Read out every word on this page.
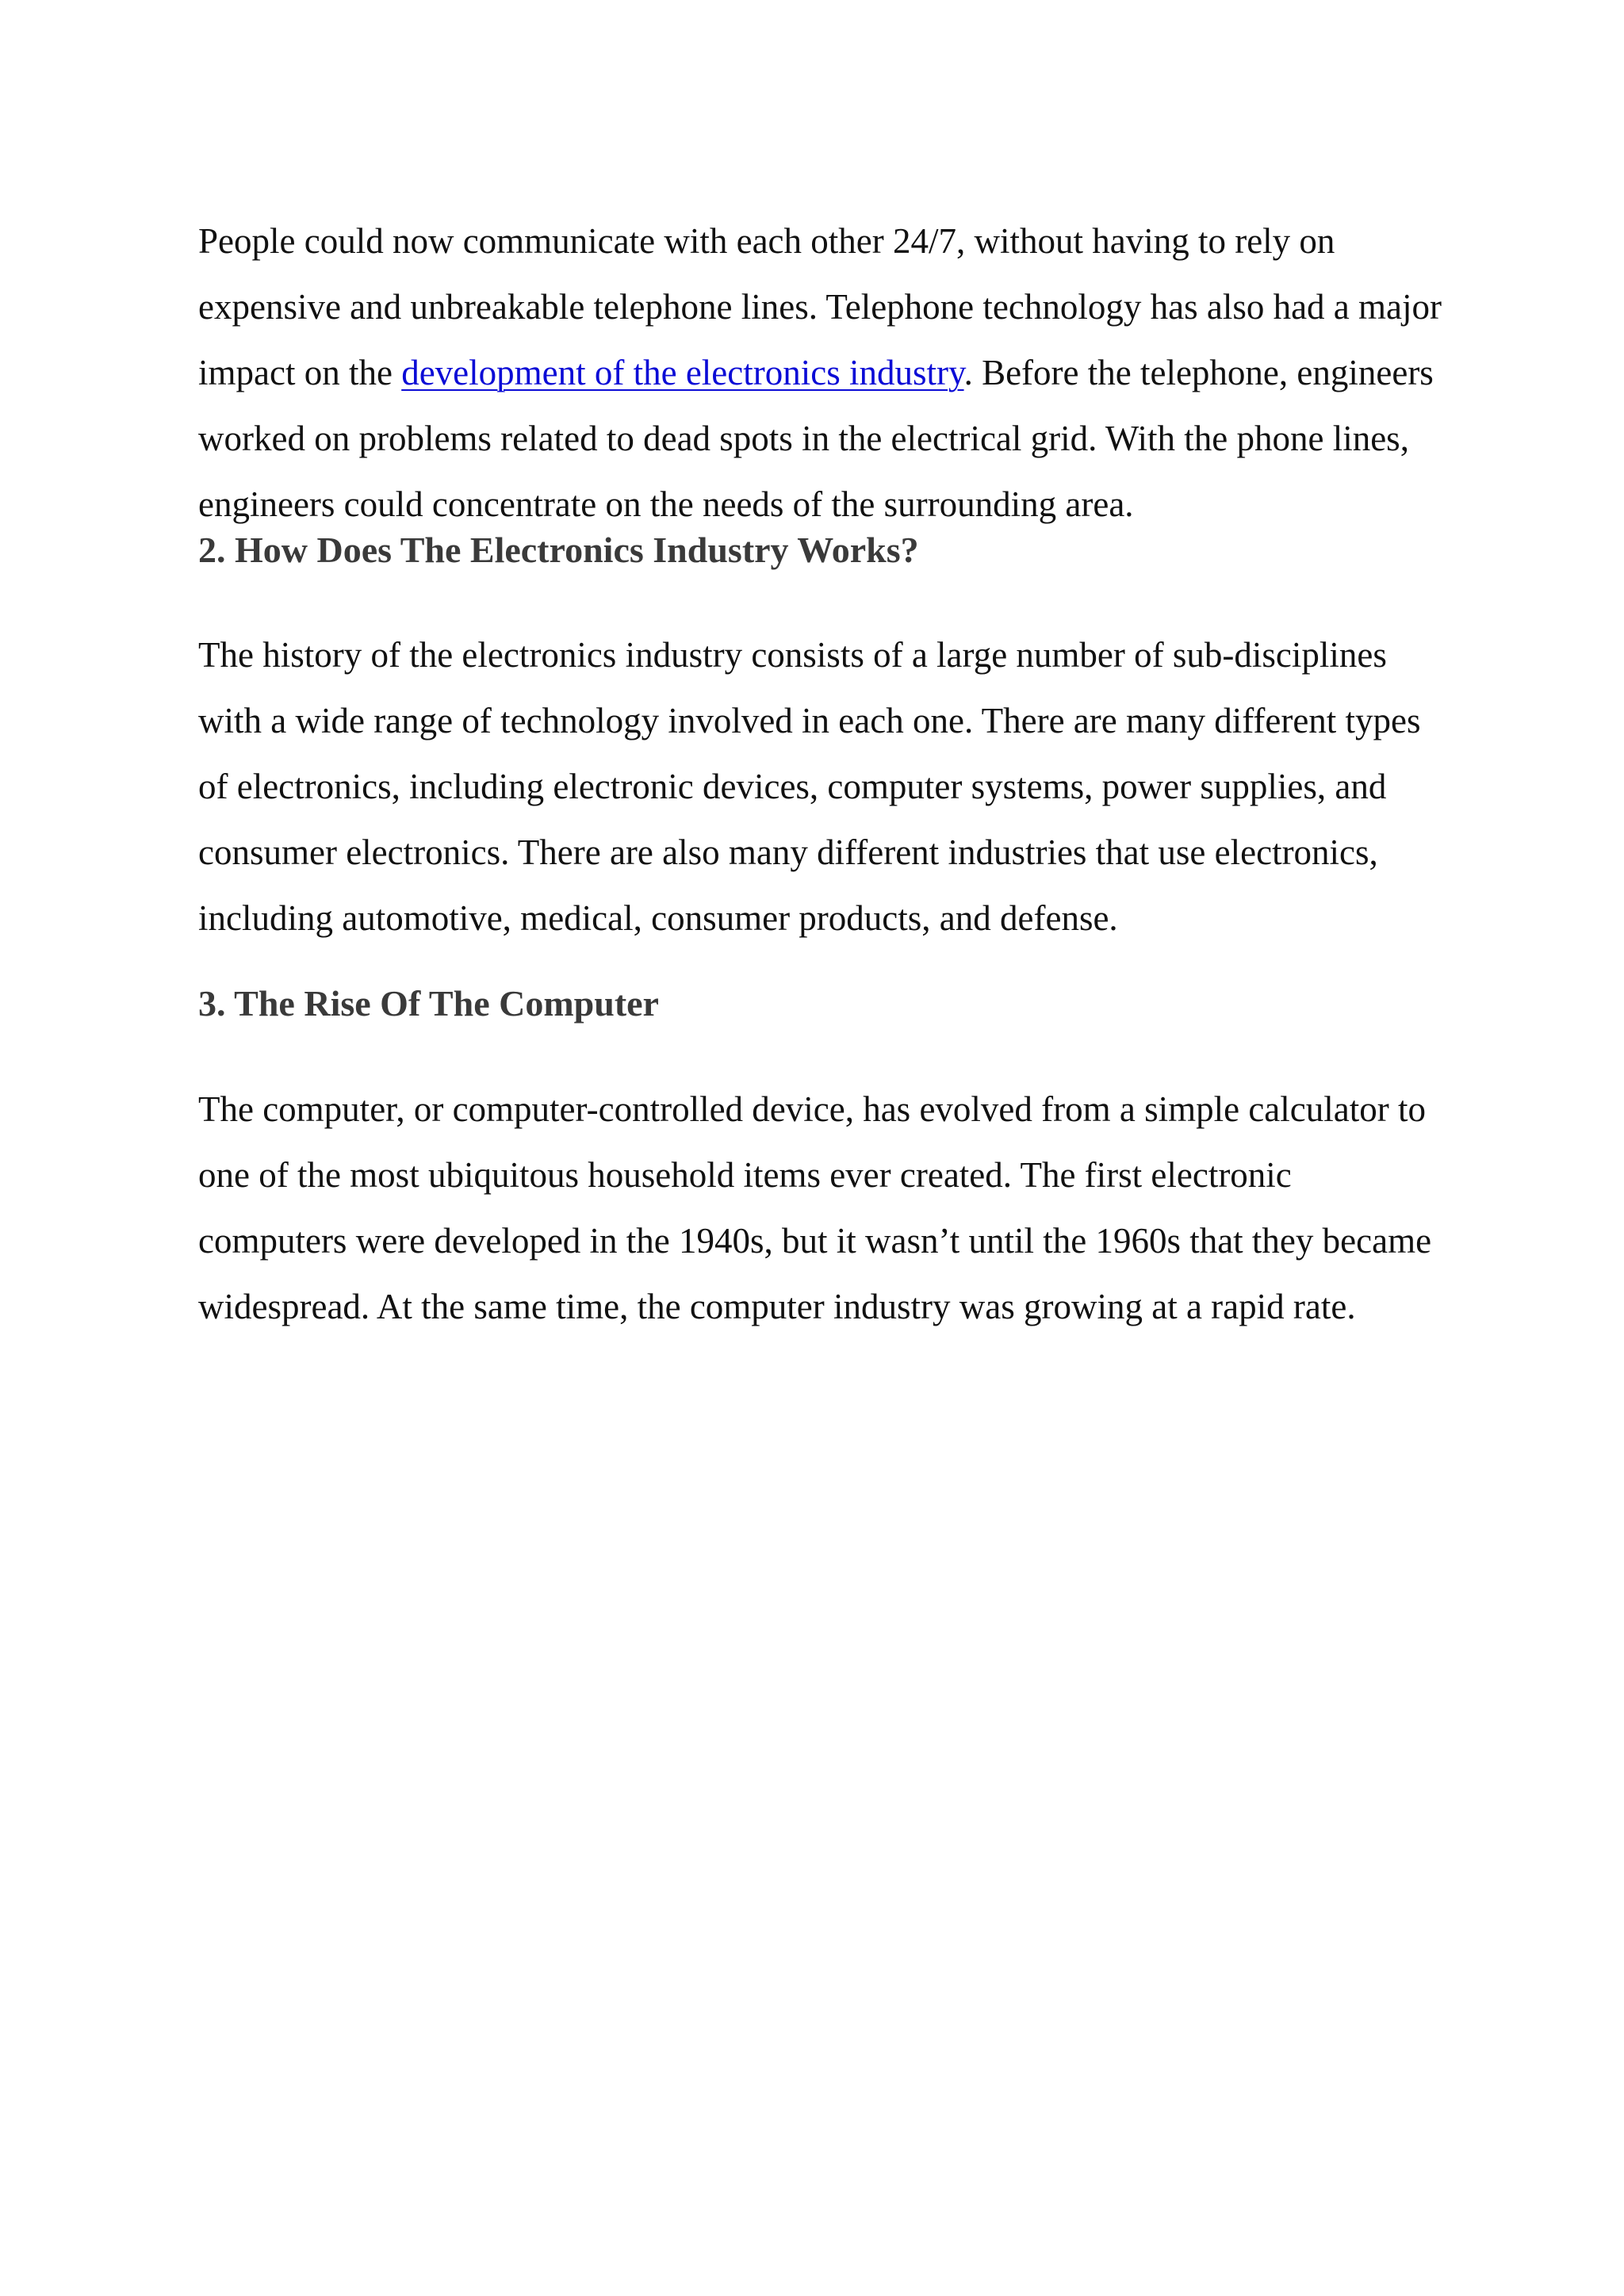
People could now communicate with each other 24/7, without having to rely on expensive and unbreakable telephone lines. Telephone technology has also had a major impact on the development of the electronics industry. Before the telephone, engineers worked on problems related to dead spots in the electrical grid. With the phone lines, engineers could concentrate on the needs of the surrounding area.

2. How Does The Electronics Industry Works?

The history of the electronics industry consists of a large number of sub-disciplines with a wide range of technology involved in each one. There are many different types of electronics, including electronic devices, computer systems, power supplies, and consumer electronics. There are also many different industries that use electronics, including automotive, medical, consumer products, and defense.

3. The Rise Of The Computer

The computer, or computer-controlled device, has evolved from a simple calculator to one of the most ubiquitous household items ever created. The first electronic computers were developed in the 1940s, but it wasn’t until the 1960s that they became widespread. At the same time, the computer industry was growing at a rapid rate.
